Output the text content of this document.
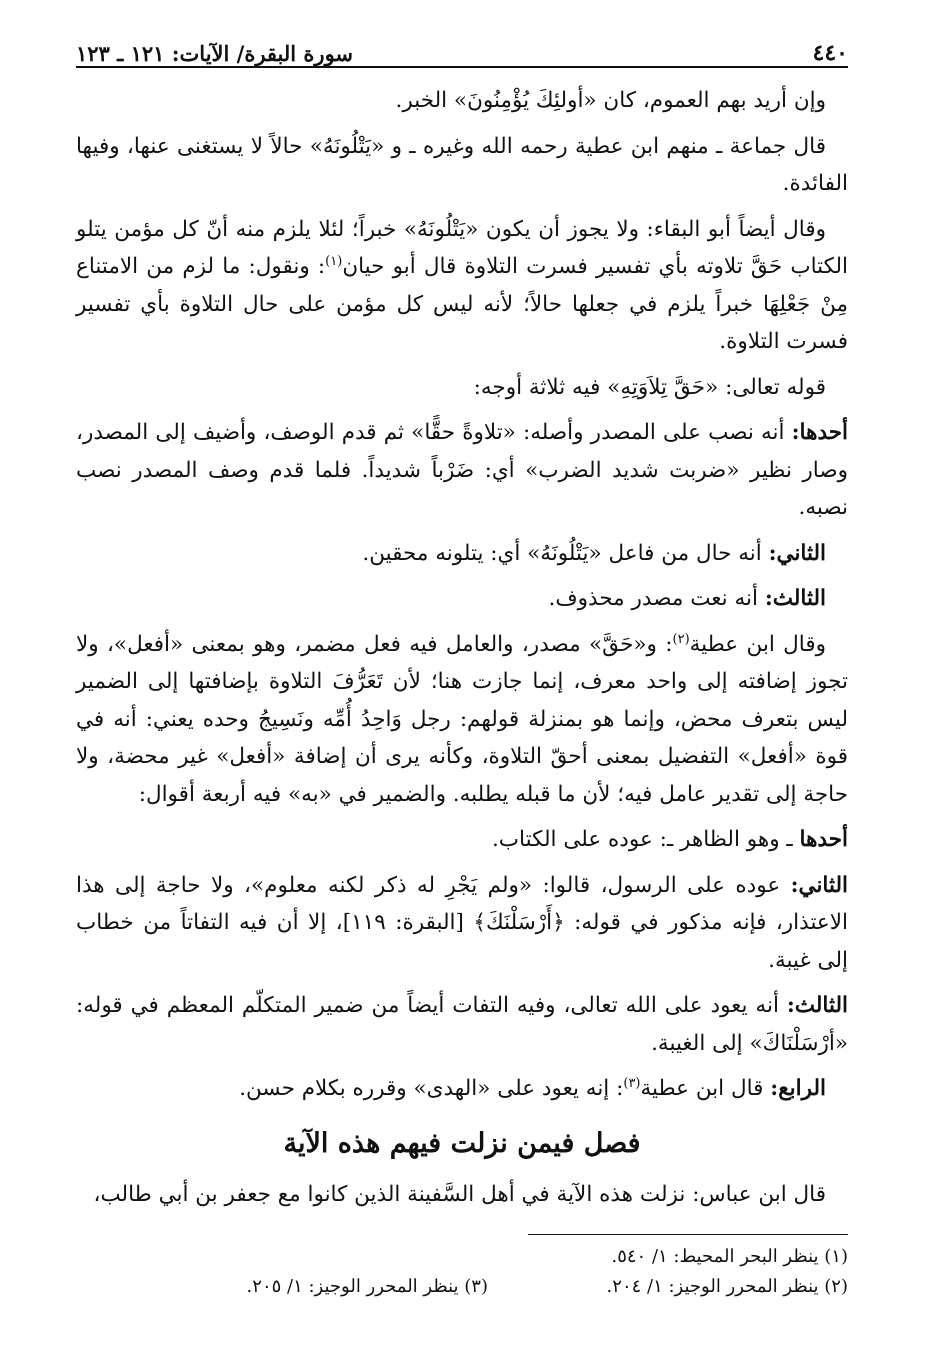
٤٤٠
سورة البقرة/ الآيات: ١٢١ ـ ١٢٣

وإن أريد بهم العموم، كان «أولئِكَ يُؤْمِنُونَ» الخبر.

قال جماعة ـ منهم ابن عطية رحمه الله وغيره ـ و «يَتْلُونَهُ» حالاً لا يستغنى عنها، وفيها الفائدة.

وقال أيضاً أبو البقاء: ولا يجوز أن يكون «يَتْلُونَهُ» خبراً؛ لئلا يلزم منه أنّ كل مؤمن يتلو الكتاب حَقَّ تلاوته بأي تفسير فسرت التلاوة قال أبو حيان$^{(١)}$: ونقول: ما لزم من الامتناع مِنْ جَعْلِهَا خبراً يلزم في جعلها حالاً؛ لأنه ليس كل مؤمن على حال التلاوة بأي تفسير فسرت التلاوة.

قوله تعالى: «حَقَّ تِلاَوَتِهِ» فيه ثلاثة أوجه:

أحدها: أنه نصب على المصدر وأصله: «تلاوةً حقًّا» ثم قدم الوصف، وأضيف إلى المصدر، وصار نظير «ضربت شديد الضرب» أي: ضَرْباً شديداً. فلما قدم وصف المصدر نصب نصبه.

الثاني: أنه حال من فاعل «يَتْلُونَهُ» أي: يتلونه محقين.

الثالث: أنه نعت مصدر محذوف.

وقال ابن عطية$^{(٢)}$: و«حَقَّ» مصدر، والعامل فيه فعل مضمر، وهو بمعنى «أفعل»، ولا تجوز إضافته إلى واحد معرف، إنما جازت هنا؛ لأن تَعَرُّفَ التلاوة بإضافتها إلى الضمير ليس بتعرف محض، وإنما هو بمنزلة قولهم: رجل وَاحِدُ أُمِّه ونَسِيجُ وحده يعني: أنه في قوة «أفعل» التفضيل بمعنى أحقّ التلاوة، وكأنه يرى أن إضافة «أفعل» غير محضة، ولا حاجة إلى تقدير عامل فيه؛ لأن ما قبله يطلبه. والضمير في «به» فيه أربعة أقوال:

أحدها ـ وهو الظاهر ـ: عوده على الكتاب.

الثاني: عوده على الرسول، قالوا: «ولم يَجْرِ له ذكر لكنه معلوم»، ولا حاجة إلى هذا الاعتذار، فإنه مذكور في قوله: ﴿أَرْسَلْنَكَ﴾ [البقرة: ١١٩]، إلا أن فيه التفاتاً من خطاب إلى غيبة.

الثالث: أنه يعود على الله تعالى، وفيه التفات أيضاً من ضمير المتكلّم المعظم في قوله: «أرْسَلْنَاكَ» إلى الغيبة.

الرابع: قال ابن عطية$^{(٣)}$: إنه يعود على «الهدى» وقرره بكلام حسن.

فصل فيمن نزلت فيهم هذه الآية

قال ابن عباس: نزلت هذه الآية في أهل السَّفينة الذين كانوا مع جعفر بن أبي طالب،

(١) ينظر البحر المحيط: ١/ ٥٤٠.
(٢) ينظر المحرر الوجيز: ١/ ٢٠٤.
(٣) ينظر المحرر الوجيز: ١/ ٢٠٥.
